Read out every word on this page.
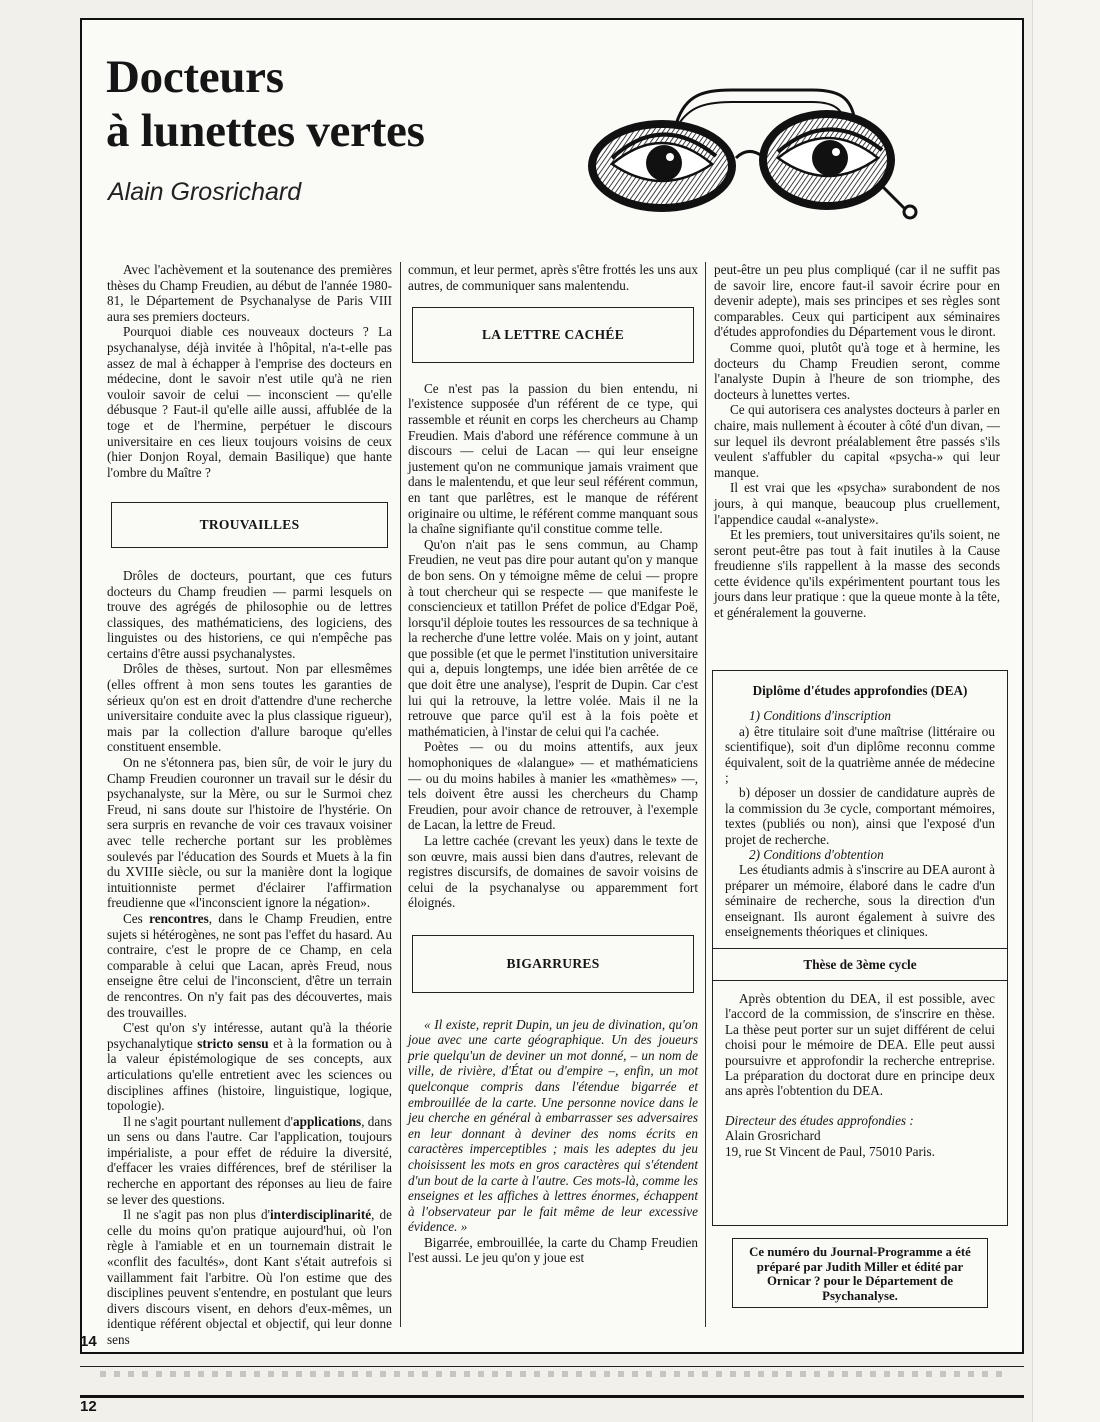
Docteurs
à lunettes vertes
Alain Grosrichard

Avec l'achèvement et la soutenance des premières thèses du Champ Freudien, au début de l'année 1980-81, le Département de Psychanalyse de Paris VIII aura ses premiers docteurs.

Pourquoi diable ces nouveaux docteurs ? La psychanalyse, déjà invitée à l'hôpital, n'a-t-elle pas assez de mal à échapper à l'emprise des docteurs en médecine, dont le savoir n'est utile qu'à ne rien vouloir savoir de celui — inconscient — qu'elle débusque ? Faut-il qu'elle aille aussi, affublée de la toge et de l'hermine, perpétuer le discours universitaire en ces lieux toujours voisins de ceux (hier Donjon Royal, demain Basilique) que hante l'ombre du Maître ?

TROUVAILLES

Drôles de docteurs, pourtant, que ces futurs docteurs du Champ freudien — parmi lesquels on trouve des agrégés de philosophie ou de lettres classiques, des mathématiciens, des logiciens, des linguistes ou des historiens, ce qui n'empêche pas certains d'être aussi psychanalystes.

Drôles de thèses, surtout. Non par ellesmêmes (elles offrent à mon sens toutes les garanties de sérieux qu'on est en droit d'attendre d'une recherche universitaire conduite avec la plus classique rigueur), mais par la collection d'allure baroque qu'elles constituent ensemble.

On ne s'étonnera pas, bien sûr, de voir le jury du Champ Freudien couronner un travail sur le désir du psychanalyste, sur la Mère, ou sur le Surmoi chez Freud, ni sans doute sur l'histoire de l'hystérie. On sera surpris en revanche de voir ces travaux voisiner avec telle recherche portant sur les problèmes soulevés par l'éducation des Sourds et Muets à la fin du XVIIIe siècle, ou sur la manière dont la logique intuitionniste permet d'éclairer l'affirmation freudienne que «l'inconscient ignore la négation».

Ces rencontres, dans le Champ Freudien, entre sujets si hétérogènes, ne sont pas l'effet du hasard. Au contraire, c'est le propre de ce Champ, en cela comparable à celui que Lacan, après Freud, nous enseigne être celui de l'inconscient, d'être un terrain de rencontres. On n'y fait pas des découvertes, mais des trouvailles.

C'est qu'on s'y intéresse, autant qu'à la théorie psychanalytique stricto sensu et à la formation ou à la valeur épistémologique de ses concepts, aux articulations qu'elle entretient avec les sciences ou disciplines affines (histoire, linguistique, logique, topologie).

Il ne s'agit pourtant nullement d'applications, dans un sens ou dans l'autre. Car l'application, toujours impérialiste, a pour effet de réduire la diversité, d'effacer les vraies différences, bref de stériliser la recherche en apportant des réponses au lieu de faire se lever des questions.

Il ne s'agit pas non plus d'interdisciplinarité, de celle du moins qu'on pratique aujourd'hui, où l'on règle à l'amiable et en un tournemain distrait le «conflit des facultés», dont Kant s'était autrefois si vaillamment fait l'arbitre. Où l'on estime que des disciplines peuvent s'entendre, en postulant que leurs divers discours visent, en dehors d'eux-mêmes, un identique référent objectal et objectif, qui leur donne sens

commun, et leur permet, après s'être frottés les uns aux autres, de communiquer sans malentendu.

LA LETTRE CACHÉE

Ce n'est pas la passion du bien entendu, ni l'existence supposée d'un référent de ce type, qui rassemble et réunit en corps les chercheurs au Champ Freudien. Mais d'abord une référence commune à un discours — celui de Lacan — qui leur enseigne justement qu'on ne communique jamais vraiment que dans le malentendu, et que leur seul référent commun, en tant que parlêtres, est le manque de référent originaire ou ultime, le référent comme manquant sous la chaîne signifiante qu'il constitue comme telle.

Qu'on n'ait pas le sens commun, au Champ Freudien, ne veut pas dire pour autant qu'on y manque de bon sens. On y témoigne même de celui — propre à tout chercheur qui se respecte — que manifeste le consciencieux et tatillon Préfet de police d'Edgar Poë, lorsqu'il déploie toutes les ressources de sa technique à la recherche d'une lettre volée. Mais on y joint, autant que possible (et que le permet l'institution universitaire qui a, depuis longtemps, une idée bien arrêtée de ce que doit être une analyse), l'esprit de Dupin. Car c'est lui qui la retrouve, la lettre volée. Mais il ne la retrouve que parce qu'il est à la fois poète et mathématicien, à l'instar de celui qui l'a cachée.

Poètes — ou du moins attentifs, aux jeux homophoniques de «lalangue» — et mathématiciens — ou du moins habiles à manier les «mathèmes» —, tels doivent être aussi les chercheurs du Champ Freudien, pour avoir chance de retrouver, à l'exemple de Lacan, la lettre de Freud.

La lettre cachée (crevant les yeux) dans le texte de son œuvre, mais aussi bien dans d'autres, relevant de registres discursifs, de domaines de savoir voisins de celui de la psychanalyse ou apparemment fort éloignés.

BIGARRURES

« Il existe, reprit Dupin, un jeu de divination, qu'on joue avec une carte géographique. Un des joueurs prie quelqu'un de deviner un mot donné, – un nom de ville, de rivière, d'État ou d'empire –, enfin, un mot quelconque compris dans l'étendue bigarrée et embrouillée de la carte. Une personne novice dans le jeu cherche en général à embarrasser ses adversaires en leur donnant à deviner des noms écrits en caractères imperceptibles ; mais les adeptes du jeu choisissent les mots en gros caractères qui s'étendent d'un bout de la carte à l'autre. Ces mots-là, comme les enseignes et les affiches à lettres énormes, échappent à l'observateur par le fait même de leur excessive évidence. »

Bigarrée, embrouillée, la carte du Champ Freudien l'est aussi. Le jeu qu'on y joue est

peut-être un peu plus compliqué (car il ne suffit pas de savoir lire, encore faut-il savoir écrire pour en devenir adepte), mais ses principes et ses règles sont comparables. Ceux qui participent aux séminaires d'études approfondies du Département vous le diront.

Comme quoi, plutôt qu'à toge et à hermine, les docteurs du Champ Freudien seront, comme l'analyste Dupin à l'heure de son triomphe, des docteurs à lunettes vertes.

Ce qui autorisera ces analystes docteurs à parler en chaire, mais nullement à écouter à côté d'un divan, — sur lequel ils devront préalablement être passés s'ils veulent s'affubler du capital «psycha-» qui leur manque.

Il est vrai que les «psycha» surabondent de nos jours, à qui manque, beaucoup plus cruellement, l'appendice caudal «-analyste».

Et les premiers, tout universitaires qu'ils soient, ne seront peut-être pas tout à fait inutiles à la Cause freudienne s'ils rappellent à la masse des seconds cette évidence qu'ils expérimentent pourtant tous les jours dans leur pratique : que la queue monte à la tête, et généralement la gouverne.

Diplôme d'études approfondies (DEA)
1) Conditions d'inscription

a) être titulaire soit d'une maîtrise (littéraire ou scientifique), soit d'un diplôme reconnu comme équivalent, soit de la quatrième année de médecine ;

b) déposer un dossier de candidature auprès de la commission du 3e cycle, comportant mémoires, textes (publiés ou non), ainsi que l'exposé d'un projet de recherche.

2) Conditions d'obtention

Les étudiants admis à s'inscrire au DEA auront à préparer un mémoire, élaboré dans le cadre d'un séminaire de recherche, sous la direction d'un enseignant. Ils auront également à suivre des enseignements théoriques et cliniques.

Thèse de 3ème cycle

Après obtention du DEA, il est possible, avec l'accord de la commission, de s'inscrire en thèse. La thèse peut porter sur un sujet différent de celui choisi pour le mémoire de DEA. Elle peut aussi poursuivre et approfondir la recherche entreprise. La préparation du doctorat dure en principe deux ans après l'obtention du DEA.

Directeur des études approfondies :
Alain Grosrichard
19, rue St Vincent de Paul, 75010 Paris.

Ce numéro du Journal-Programme a été préparé par Judith Miller et édité par Ornicar ? pour le Département de Psychanalyse.
14
12
